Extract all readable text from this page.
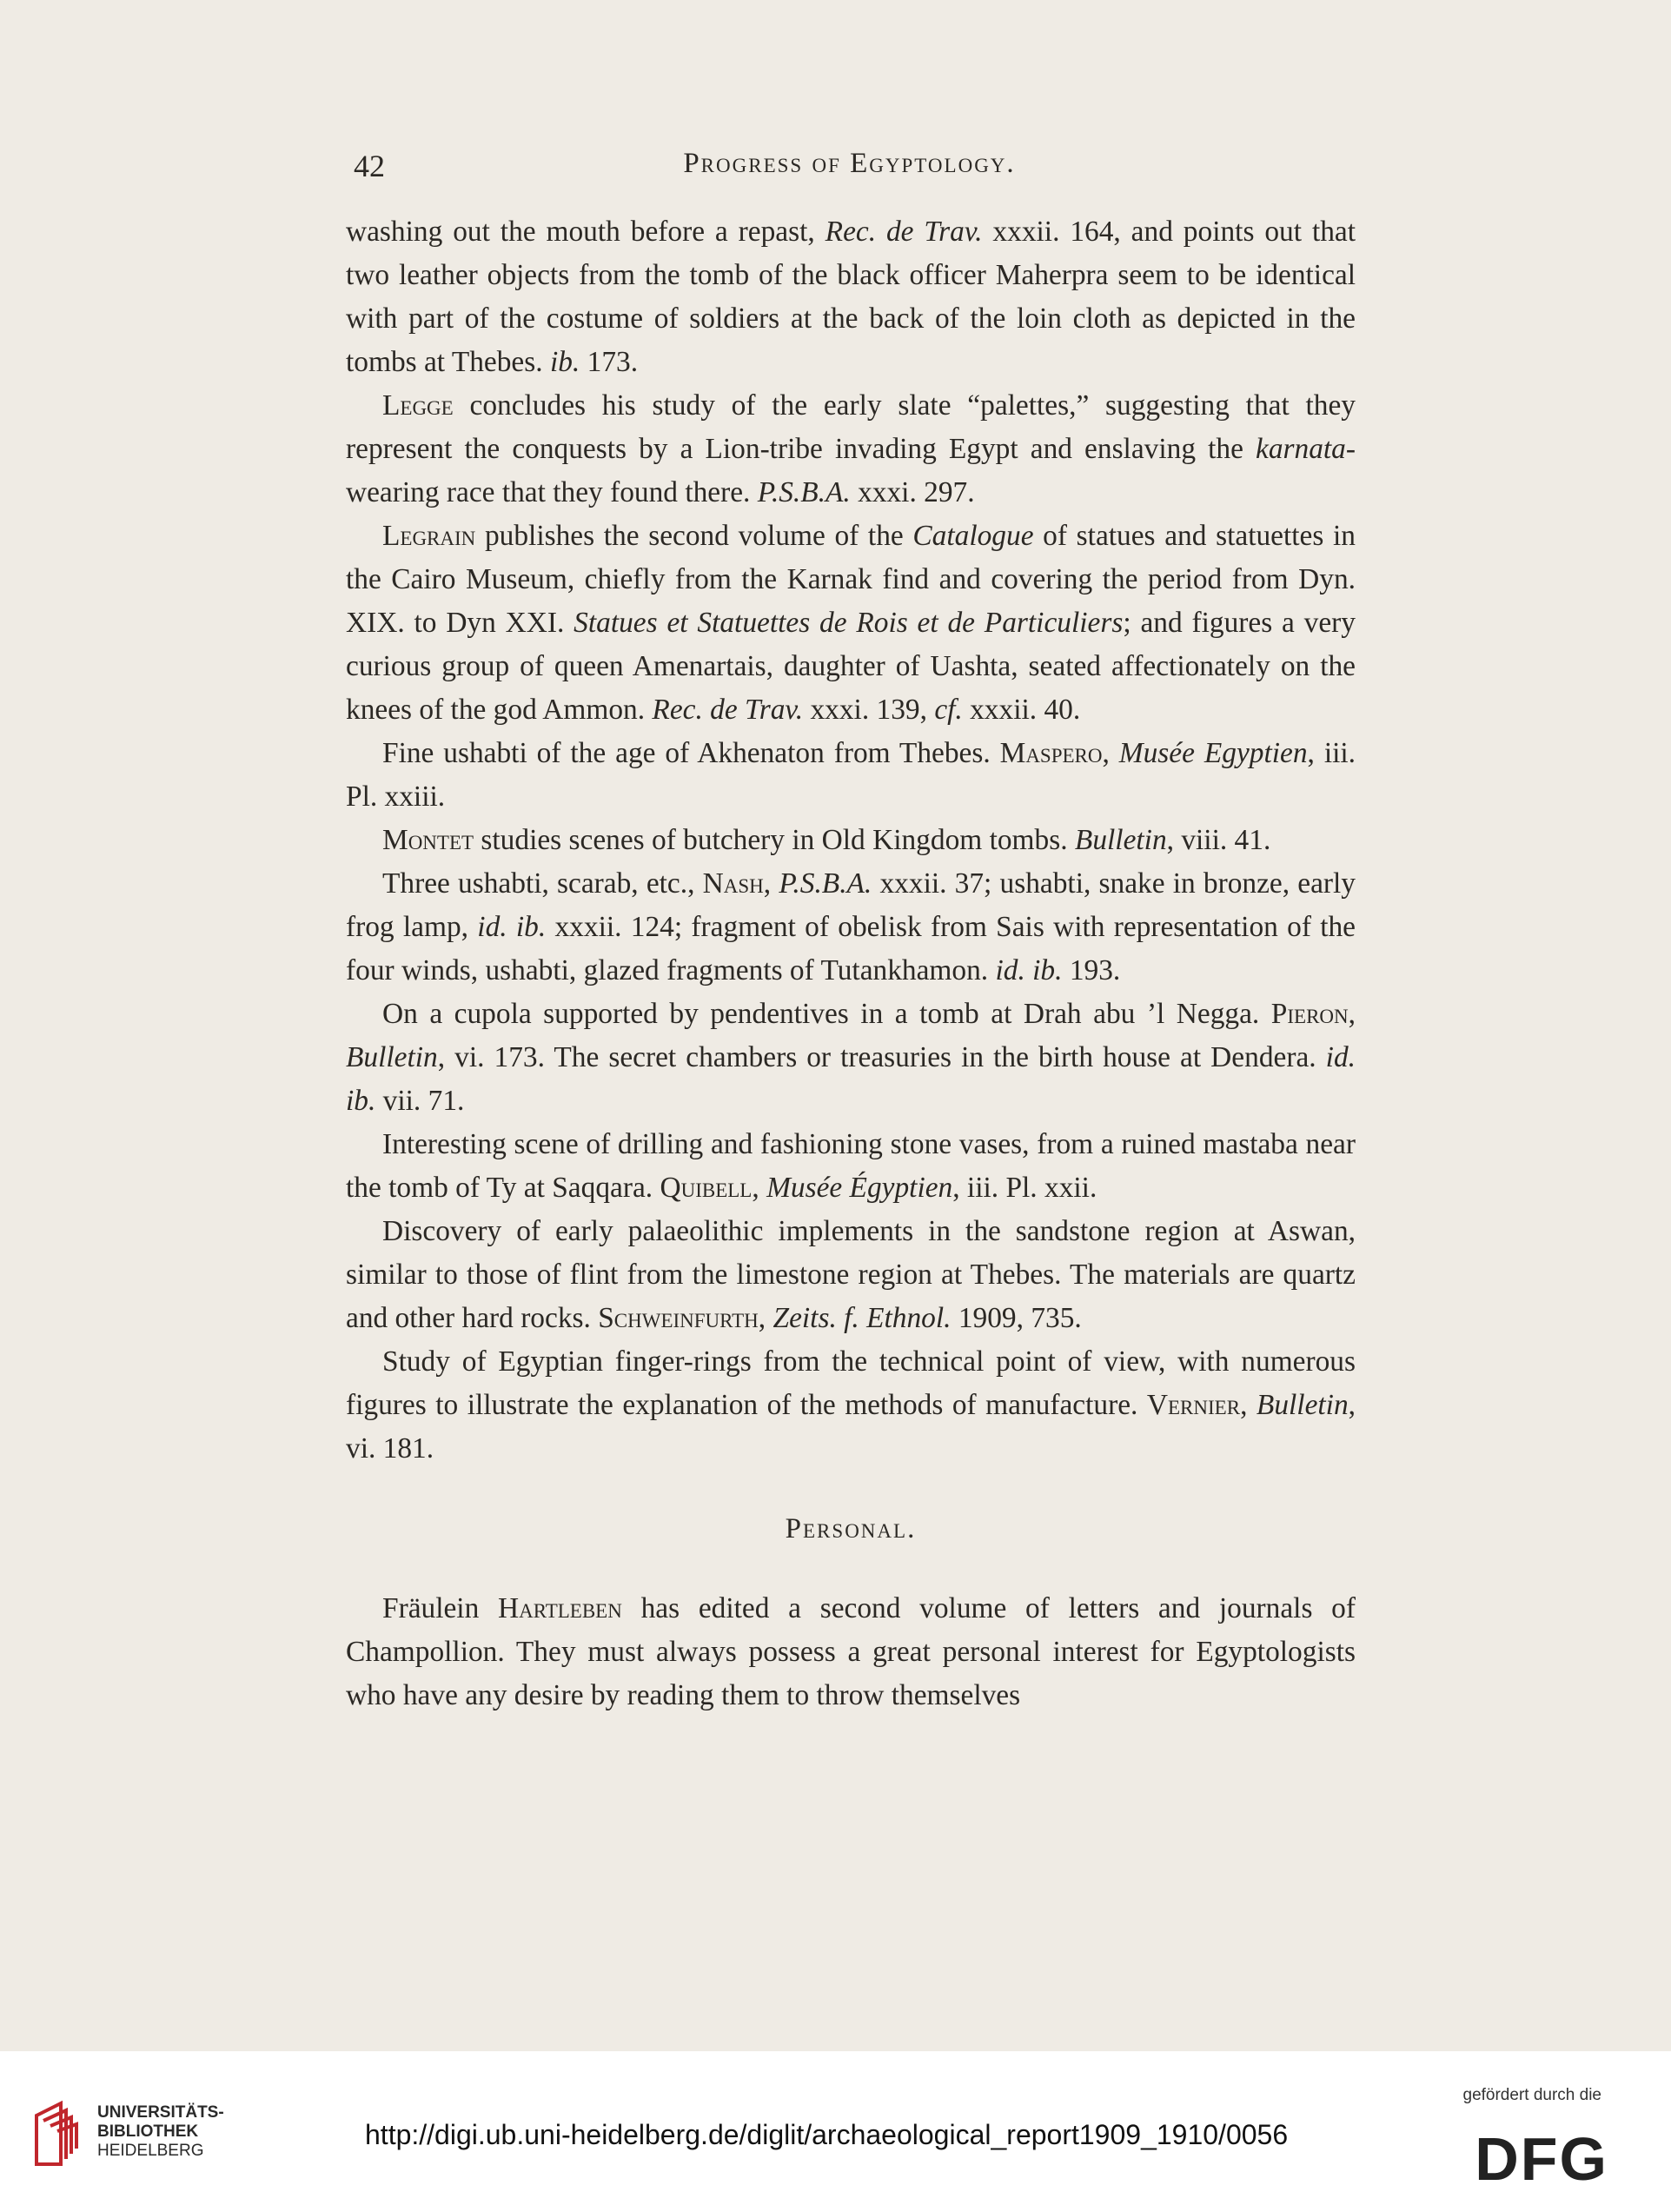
42	Progress of Egyptology.

washing out the mouth before a repast, Rec. de Trav. xxxii. 164, and points out that two leather objects from the tomb of the black officer Maherpra seem to be identical with part of the costume of soldiers at the back of the loin cloth as depicted in the tombs at Thebes. ib. 173.

Legge concludes his study of the early slate “palettes,” suggesting that they represent the conquests by a Lion-tribe invading Egypt and enslaving the karnata-wearing race that they found there. P.S.B.A. xxxi. 297.

Legrain publishes the second volume of the Catalogue of statues and statuettes in the Cairo Museum, chiefly from the Karnak find and covering the period from Dyn. XIX. to Dyn XXI. Statues et Statuettes de Rois et de Particuliers; and figures a very curious group of queen Amenartais, daughter of Uashta, seated affectionately on the knees of the god Ammon. Rec. de Trav. xxxi. 139, cf. xxxii. 40.

Fine ushabti of the age of Akhenaton from Thebes. Maspero, Musée Egyptien, iii. Pl. xxiii.

Montet studies scenes of butchery in Old Kingdom tombs. Bulletin, viii. 41.

Three ushabti, scarab, etc., Nash, P.S.B.A. xxxii. 37; ushabti, snake in bronze, early frog lamp, id. ib. xxxii. 124; fragment of obelisk from Sais with representation of the four winds, ushabti, glazed fragments of Tutankhamon. id. ib. 193.

On a cupola supported by pendentives in a tomb at Drah abu ’l Negga. Pieron, Bulletin, vi. 173. The secret chambers or treasuries in the birth house at Dendera. id. ib. vii. 71.

Interesting scene of drilling and fashioning stone vases, from a ruined mastaba near the tomb of Ty at Saqqara. Quibell, Musée Égyptien, iii. Pl. xxii.

Discovery of early palaeolithic implements in the sandstone region at Aswan, similar to those of flint from the limestone region at Thebes. The materials are quartz and other hard rocks. Schweinfurth, Zeits. f. Ethnol. 1909, 735.

Study of Egyptian finger-rings from the technical point of view, with numerous figures to illustrate the explanation of the methods of manufacture. Vernier, Bulletin, vi. 181.

Personal.

Fräulein Hartleben has edited a second volume of letters and journals of Champollion. They must always possess a great personal interest for Egyptologists who have any desire by reading them to throw themselves

UNIVERSITÄTS-
BIBLIOTHEK
HEIDELBERG
http://digi.ub.uni-heidelberg.de/diglit/archaeological_report1909_1910/0056
gefördert durch die
DFG
